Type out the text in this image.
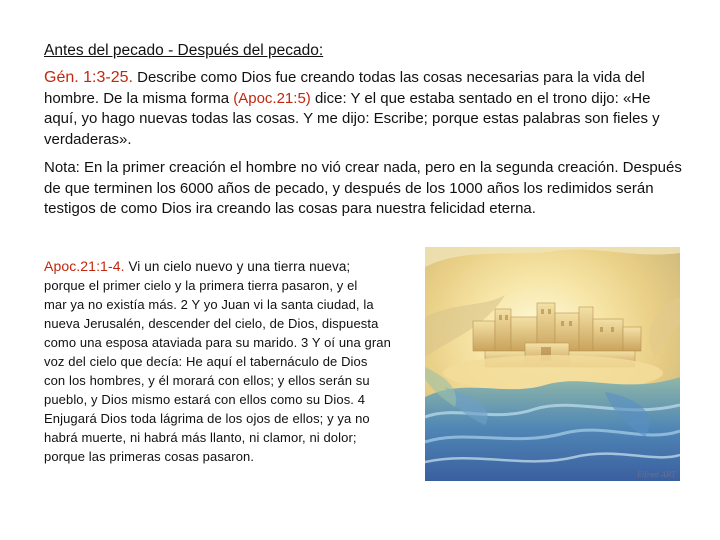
Antes del pecado - Después del pecado:

Gén. 1:3-25. Describe como Dios fue creando todas las cosas necesarias para la vida del hombre. De la misma forma (Apoc.21:5) dice: Y el que estaba sentado en el trono dijo: «He aquí, yo hago nuevas todas las cosas. Y me dijo: Escribe; porque estas palabras son fieles y verdaderas».

Nota: En la primer creación el hombre no vió crear nada, pero en la segunda creación. Después de que terminen los 6000 años de pecado, y después de los 1000 años los redimidos serán testigos de como Dios ira creando las cosas para nuestra felicidad eterna.

Apoc.21:1-4. Vi un cielo nuevo y una tierra nueva;
porque el primer cielo y la primera tierra pasaron, y el
mar ya no existía más. 2 Y yo Juan vi la santa ciudad, la
nueva Jerusalén, descender del cielo, de Dios, dispuesta
como una esposa ataviada para su marido. 3 Y oí una gran
voz del cielo que decía: He aquí el tabernáculo de Dios
con los hombres, y él morará con ellos; y ellos serán su
pueblo, y Dios mismo estará con ellos como su Dios. 4
Enjugará Dios toda lágrima de los ojos de ellos; y ya no
habrá muerte, ni habrá más llanto, ni clamor, ni dolor;
porque las primeras cosas pasaron.

Elfred ART
